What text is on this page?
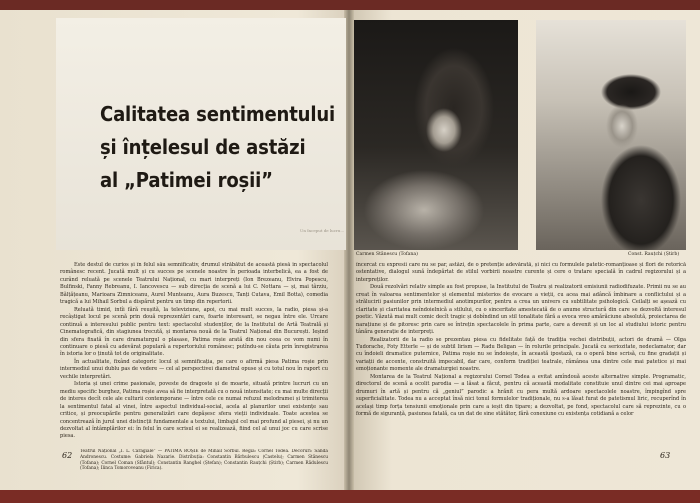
Calitatea sentimentului
și înțelesul de astăzi
al „Patimei roșii”
Un început de lucru...

Este destul de curios și în felul său semnificativ, drumul străbătut de această piesă în spectacolul românesc recent. Jucată mult și cu succes pe scenele noastre în perioada interbelică, ea a fost de curând reluată pe scenele Teatrului Național, cu mari interpreți (Ion Brezeanu, Elvira Popescu, Bulfinski, Fanny Rebreanu, I. Iancovescu — sub direcția de scenă a lui C. Nottara — și, mai târziu, Bălțățeanu, Marioara Zimniceanu, Aurel Munteanu, Aura Buzescu, Tanți Cutava, Emil Botta), comedia tragică a lui Mihail Sorbul a dispărut pentru un timp din repertorii.

Reluată timid, intîi fără reușită, la televiziune, apoi, cu mai mult succes, la radio, piesa și-a recâștigat locul pe scenă prin două reprezentări care, foarte interesant, se negau între ele. Urcare continuă a interesului public pentru text: spectacolul studenților, de la Institutul de Artă Teatrală și Cinematografică, din stagiunea trecută, și montarea nouă de la Teatrul Național din București. Ieșind din sfera fixată în care dramaturgul o plasase, Patima roșie arată din nou ceea ce vom numi în continuare o piesă cu adevărat populară a repertoriului românesc; putîndu-se căuta prin înregistrarea în istoria lor o ținută tot de originalitate.

În actualitate, fixând categoric locul și semnificația, pe care o afirmă piesa Patima roșie prin intermediul unui dublu pas de vedere — cel al perspectivei diametral opuse și cu totul nou în raport cu vechile interpretări.

Istoria și unei crime pasionale, poveste de dragoste și de moarte, situată printre lucruri cu un mediu specific burghez, Patima roșie avea să fie interpretată cu o nouă intensitate; cu mai multe direcții de interes decît cele ale culturii contemporane — între cele ce numai refuzul melodramei și trimiterea la sentimentul fatal al vinei, între aspectul individual-social, acela al planurilor unei existențe sau critice, și preocupările pentru generalizări care depășesc sfera vieții individuale. Toate acestea se concentrează în jurul unei distincții fundamentale a textului, limbajul cel mai profund al piesei, și nu un dezvoltat al întâmplărilor ei: în felul în care scrisul ei se realizează, fiind cel al unui joc cu care scrise piesa.

62
Carmen Stănescu (Tofana)	Const. Rauțchi (Știrb)

încercat cu expresii care nu se par, astăzi, de o pretenție adevărată, și nici cu formulele patetic-romanțioase și flori de retorică ostentative, dialogul sună îndepărtat de stilul vorbirii noastre curente și cere o tratare specială în cadrul regizorului și a interpreților.

Două rezolvări relativ simple au fost propuse, la Institutul de Teatru și realizatorii emisiunii radiodifuzate. Primii nu se au creat în valoarea sentimentelor și elementul misterios de evocare a vieții, cu acea mai adâncă îmbinare a conflictului și a strălucirii pasiunilor prin intermediul anotimpurilor, pentru a crea un univers cu subtilitate psihologică. Ceilalți se așează cu claritate și claritatea neîndoielnică a stilului, cu o sinceritate amestecată de o anume structură din care se dezvoltă interesul poetic. Văzută mai mult comic decît tragic și dobîndind un stil tonalitate fără a evoca vreo amărăciune absolută, proiectarea de narațiune și de pitoresc prin care se întrețin spectacolele în prima parte, care a devenit și un loc al studiului istoric pentru tânăra generație de interpreți.

Realizatorii de la radio se prezentau piesa cu fidelitate față de tradiția vechei distribuții, actori de dramă — Olga Tudorache, Foty Etterle — și de subtil lirism — Radu Beligan — în rolurile principale. Jucată cu seriozitate, nedeclamator, dar cu îndoieli dramatice puternice, Patima roșie nu se îndoiește, în această ipostază, ca o operă bine scrisă, cu fine gradații și variații de accente, construită impecabil, dar care, conform tradiției teatrale, rămânea una dintre cele mai patetice și mai emoționante momente ale dramaturgiei noastre.

Montarea de la Teatrul Național a regizorului Cornel Todea a evitat amîndouă aceste alternative simple. Programatic, directorul de scenă a ocolit parodia — a lăsat a făcut, pentru că această modalitate constituie unul dintre cei mai aproape drumuri în artă și pentru că „geniul” parodic a hrănit cu pera multă ardoare spectacolele noastre, împingînd spre superficialitate. Todea nu a acceptat însă nici tonul formulelor tradiționale, nu s-a lăsat furat de patetismul liric, recuperînd în același timp forța tensiunii emoționale prin care a ieșit din tipare; a dezvoltat, pe fond, spectacolul care să reprezinte, cu o formă de siguranță, pasiunea fatală, ca un dat de sine stătător, fără conexiune cu existența cotidiană a celor

63
Teatrul Național „I. L. Caragiale” — PATIMA ROȘIE de Mihail Sorbul. Regia: Cornel Todea. Decoruri: Sanda Andronescu. Costume: Gabriela Nazarie. Distribuția: Constantin Bărbulescu (Castelu); Carmen Stănescu (Tofana); Cornel Coman (Sfântul); Constantin Ranghel (Ștefan); Constantin Rauțchi (Știrb); Carmen Rădulescu (Tofana); Ilinca Tomoroveanu (Firica).
